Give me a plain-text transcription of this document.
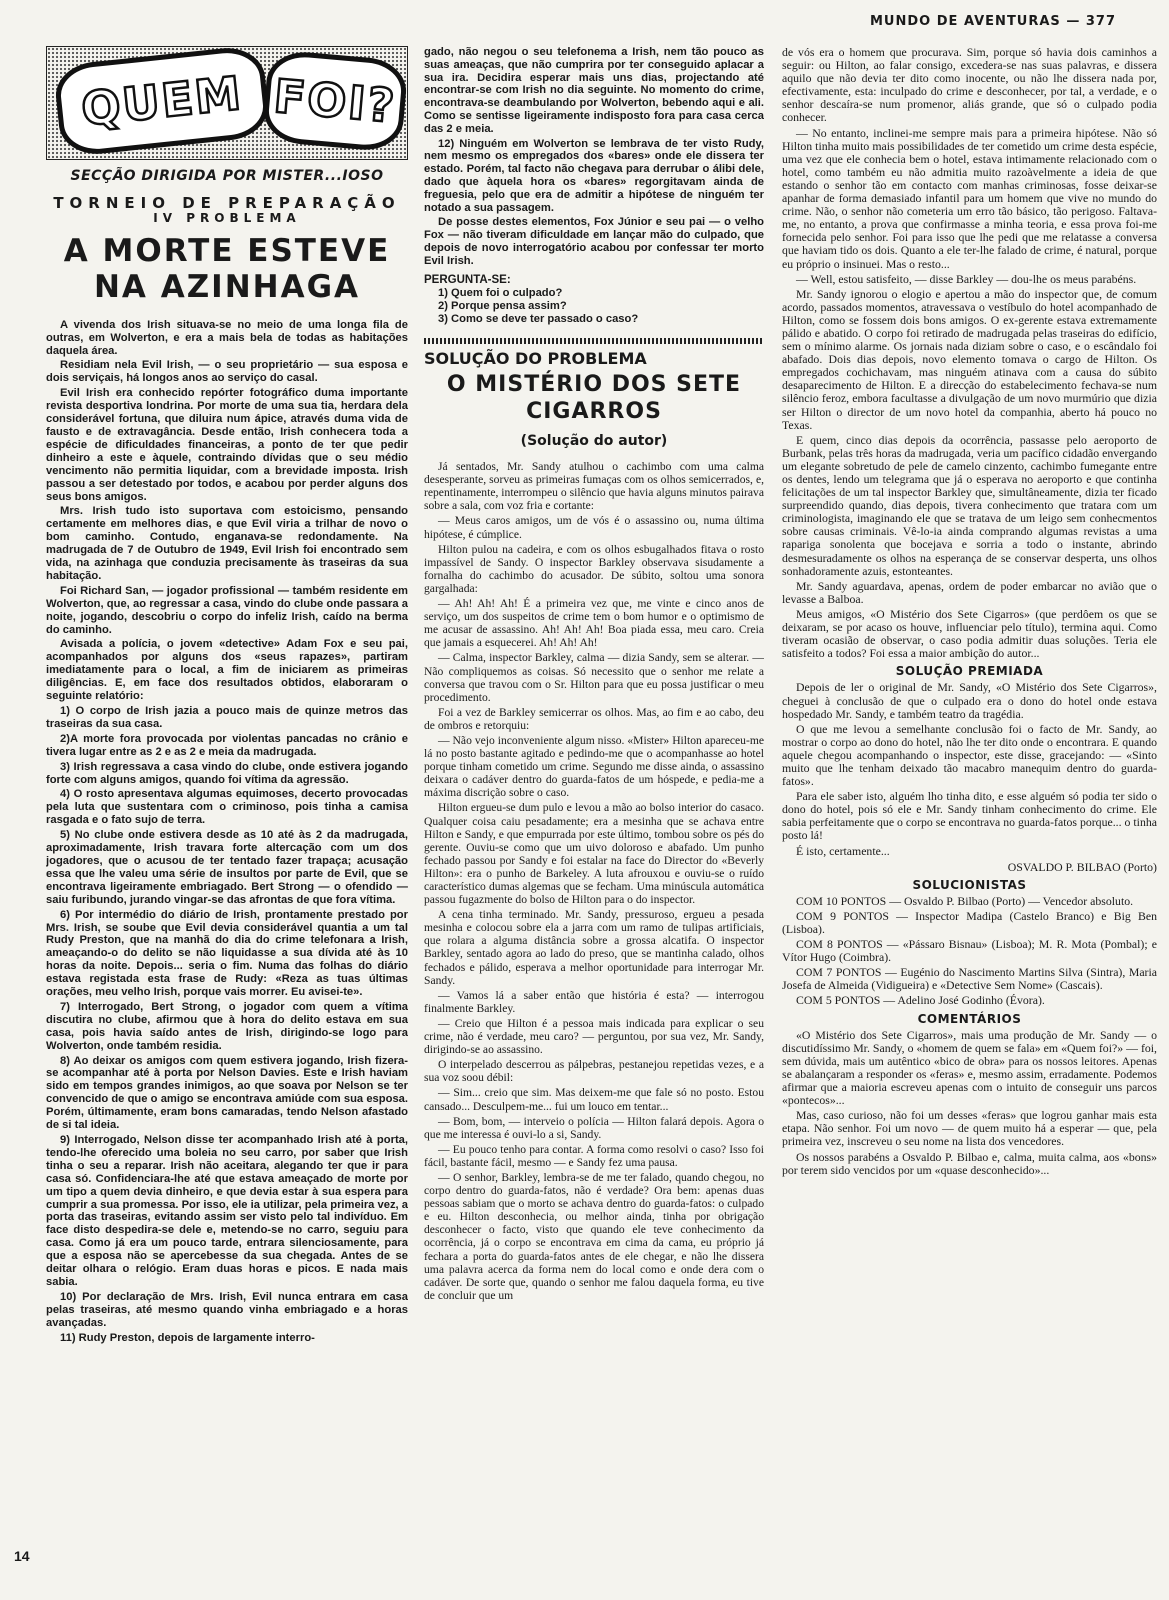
MUNDO DE AVENTURAS — 377
QUEM FOI?
SECÇÃO DIRIGIDA POR MISTER...IOSO
TORNEIO DE PREPARAÇÃO
IV PROBLEMA
A MORTE ESTEVE
NA AZINHAGA

A vivenda dos Irish situava-se no meio de uma longa fila de outras, em Wolverton, e era a mais bela de todas as habitações daquela área.

Residiam nela Evil Irish, — o seu proprietário — sua esposa e dois serviçais, há longos anos ao serviço do casal.

Evil Irish era conhecido repórter fotográfico duma importante revista desportiva londrina. Por morte de uma sua tia, herdara dela considerável fortuna, que diluira num ápice, através duma vida de fausto e de extravagância. Desde então, Irish conhecera toda a espécie de dificuldades financeiras, a ponto de ter que pedir dinheiro a este e àquele, contraindo dívidas que o seu médio vencimento não permitia liquidar, com a brevidade imposta. Irish passou a ser detestado por todos, e acabou por perder alguns dos seus bons amigos.

Mrs. Irish tudo isto suportava com estoicismo, pensando certamente em melhores dias, e que Evil viria a trilhar de novo o bom caminho. Contudo, enganava-se redondamente. Na madrugada de 7 de Outubro de 1949, Evil Irish foi encontrado sem vida, na azinhaga que conduzia precisamente às traseiras da sua habitação.

Foi Richard San, — jogador profissional — também residente em Wolverton, que, ao regressar a casa, vindo do clube onde passara a noite, jogando, descobriu o corpo do infeliz Irish, caído na berma do caminho.

Avisada a polícia, o jovem «detective» Adam Fox e seu pai, acompanhados por alguns dos «seus rapazes», partiram imediatamente para o local, a fim de iniciarem as primeiras diligências. E, em face dos resultados obtidos, elaboraram o seguinte relatório:

1) O corpo de Irish jazia a pouco mais de quinze metros das traseiras da sua casa.

2)A morte fora provocada por violentas pancadas no crânio e tivera lugar entre as 2 e as 2 e meia da madrugada.

3) Irish regressava a casa vindo do clube, onde estivera jogando forte com alguns amigos, quando foi vítima da agressão.

4) O rosto apresentava algumas equimoses, decerto provocadas pela luta que sustentara com o criminoso, pois tinha a camisa rasgada e o fato sujo de terra.

5) No clube onde estivera desde as 10 até às 2 da madrugada, aproximadamente, Irish travara forte altercação com um dos jogadores, que o acusou de ter tentado fazer trapaça; acusação essa que lhe valeu uma série de insultos por parte de Evil, que se encontrava ligeiramente embriagado. Bert Strong — o ofendido — saiu furibundo, jurando vingar-se das afrontas de que fora vítima.

6) Por intermédio do diário de Irish, prontamente prestado por Mrs. Irish, se soube que Evil devia considerável quantia a um tal Rudy Preston, que na manhã do dia do crime telefonara a Irish, ameaçando-o do delito se não liquidasse a sua dívida até às 10 horas da noite. Depois... seria o fim. Numa das folhas do diário estava registada esta frase de Rudy: «Reza as tuas últimas orações, meu velho Irish, porque vais morrer. Eu avisei-te».

7) Interrogado, Bert Strong, o jogador com quem a vítima discutira no clube, afirmou que à hora do delito estava em sua casa, pois havia saído antes de Irish, dirigindo-se logo para Wolverton, onde também residia.

8) Ao deixar os amigos com quem estivera jogando, Irish fizera-se acompanhar até à porta por Nelson Davies. Este e Irish haviam sido em tempos grandes inimigos, ao que soava por Nelson se ter convencido de que o amigo se encontrava amiúde com sua esposa. Porém, últimamente, eram bons camaradas, tendo Nelson afastado de si tal ideia.

9) Interrogado, Nelson disse ter acompanhado Irish até à porta, tendo-lhe oferecido uma boleia no seu carro, por saber que Irish tinha o seu a reparar. Irish não aceitara, alegando ter que ir para casa só. Confidenciara-lhe até que estava ameaçado de morte por um tipo a quem devia dinheiro, e que devia estar à sua espera para cumprir a sua promessa. Por isso, ele ia utilizar, pela primeira vez, a porta das traseiras, evitando assim ser visto pelo tal indivíduo. Em face disto despedira-se dele e, metendo-se no carro, seguiu para casa. Como já era um pouco tarde, entrara silenciosamente, para que a esposa não se apercebesse da sua chegada. Antes de se deitar olhara o relógio. Eram duas horas e picos. E nada mais sabia.

10) Por declaração de Mrs. Irish, Evil nunca entrara em casa pelas traseiras, até mesmo quando vinha embriagado e a horas avançadas.

11) Rudy Preston, depois de largamente interro-

14

gado, não negou o seu telefonema a Irish, nem tão pouco as suas ameaças, que não cumprira por ter conseguido aplacar a sua ira. Decidira esperar mais uns dias, projectando até encontrar-se com Irish no dia seguinte. No momento do crime, encontrava-se deambulando por Wolverton, bebendo aqui e ali. Como se sentisse ligeiramente indisposto fora para casa cerca das 2 e meia.

12) Ninguém em Wolverton se lembrava de ter visto Rudy, nem mesmo os empregados dos «bares» onde ele dissera ter estado. Porém, tal facto não chegava para derrubar o álibi dele, dado que àquela hora os «bares» regorgitavam ainda de freguesia, pelo que era de admitir a hipótese de ninguém ter notado a sua passagem.

De posse destes elementos, Fox Júnior e seu pai — o velho Fox — não tiveram dificuldade em lançar mão do culpado, que depois de novo interrogatório acabou por confessar ter morto Evil Irish.

PERGUNTA-SE:
1) Quem foi o culpado?
2) Porque pensa assim?
3) Como se deve ter passado o caso?
SOLUÇÃO DO PROBLEMA
O MISTÉRIO DOS SETE
CIGARROS
(Solução do autor)

Já sentados, Mr. Sandy atulhou o cachimbo com uma calma desesperante, sorveu as primeiras fumaças com os olhos semicerrados, e, repentinamente, interrompeu o silêncio que havia alguns minutos pairava sobre a sala, com voz fria e cortante:

— Meus caros amigos, um de vós é o assassino ou, numa última hipótese, é cúmplice.

Hilton pulou na cadeira, e com os olhos esbugalhados fitava o rosto impassível de Sandy. O inspector Barkley observava sisudamente a fornalha do cachimbo do acusador. De súbito, soltou uma sonora gargalhada:

— Ah! Ah! Ah! É a primeira vez que, me vinte e cinco anos de serviço, um dos suspeitos de crime tem o bom humor e o optimismo de me acusar de assassino. Ah! Ah! Ah! Boa piada essa, meu caro. Creia que jamais a esquecerei. Ah! Ah! Ah!

— Calma, inspector Barkley, calma — dizia Sandy, sem se alterar. — Não compliquemos as coisas. Só necessito que o senhor me relate a conversa que travou com o Sr. Hilton para que eu possa justificar o meu procedimento.

Foi a vez de Barkley semicerrar os olhos. Mas, ao fim e ao cabo, deu de ombros e retorquiu:

— Não vejo inconveniente algum nisso. «Mister» Hilton apareceu-me lá no posto bastante agitado e pedindo-me que o acompanhasse ao hotel porque tinham cometido um crime. Segundo me disse ainda, o assassino deixara o cadáver dentro do guarda-fatos de um hóspede, e pedia-me a máxima discrição sobre o caso.

Hilton ergueu-se dum pulo e levou a mão ao bolso interior do casaco. Qualquer coisa caiu pesadamente; era a mesinha que se achava entre Hilton e Sandy, e que empurrada por este último, tombou sobre os pés do gerente. Ouviu-se como que um uivo doloroso e abafado. Um punho fechado passou por Sandy e foi estalar na face do Director do «Beverly Hilton»: era o punho de Barkeley. A luta afrouxou e ouviu-se o ruído característico dumas algemas que se fecham. Uma minúscula automática passou fugazmente do bolso de Hilton para o do inspector.

A cena tinha terminado. Mr. Sandy, pressuroso, ergueu a pesada mesinha e colocou sobre ela a jarra com um ramo de tulipas artificiais, que rolara a alguma distância sobre a grossa alcatifa. O inspector Barkley, sentado agora ao lado do preso, que se mantinha calado, olhos fechados e pálido, esperava a melhor oportunidade para interrogar Mr. Sandy.

— Vamos lá a saber então que história é esta? — interrogou finalmente Barkley.

— Creio que Hilton é a pessoa mais indicada para explicar o seu crime, não é verdade, meu caro? — perguntou, por sua vez, Mr. Sandy, dirigindo-se ao assassino.

O interpelado descerrou as pálpebras, pestanejou repetidas vezes, e a sua voz soou débil:

— Sim... creio que sim. Mas deixem-me que fale só no posto. Estou cansado... Desculpem-me... fui um louco em tentar...

— Bom, bom, — interveio o polícia — Hilton falará depois. Agora o que me interessa é ouvi-lo a si, Sandy.

— Eu pouco tenho para contar. A forma como resolvi o caso? Isso foi fácil, bastante fácil, mesmo — e Sandy fez uma pausa.

— O senhor, Barkley, lembra-se de me ter falado, quando chegou, no corpo dentro do guarda-fatos, não é verdade? Ora bem: apenas duas pessoas sabiam que o morto se achava dentro do guarda-fatos: o culpado e eu. Hilton desconhecia, ou melhor ainda, tinha por obrigação desconhecer o facto, visto que quando ele teve conhecimento da ocorrência, já o corpo se encontrava em cima da cama, eu próprio já fechara a porta do guarda-fatos antes de ele chegar, e não lhe dissera uma palavra acerca da forma nem do local como e onde dera com o cadáver. De sorte que, quando o senhor me falou daquela forma, eu tive de concluir que um

de vós era o homem que procurava. Sim, porque só havia dois caminhos a seguir: ou Hilton, ao falar consigo, excedera-se nas suas palavras, e dissera aquilo que não devia ter dito como inocente, ou não lhe dissera nada por, efectivamente, esta: inculpado do crime e desconhecer, por tal, a verdade, e o senhor descaíra-se num promenor, aliás grande, que só o culpado podia conhecer.

— No entanto, inclinei-me sempre mais para a primeira hipótese. Não só Hilton tinha muito mais possibilidades de ter cometido um crime desta espécie, uma vez que ele conhecia bem o hotel, estava intimamente relacionado com o hotel, como também eu não admitia muito razoàvelmente a ideia de que estando o senhor tão em contacto com manhas criminosas, fosse deixar-se apanhar de forma demasiado infantil para um homem que vive no mundo do crime. Não, o senhor não cometeria um erro tão básico, tão perigoso. Faltava-me, no entanto, a prova que confirmasse a minha teoria, e essa prova foi-me fornecida pelo senhor. Foi para isso que lhe pedi que me relatasse a conversa que haviam tido os dois. Quanto a ele ter-lhe falado de crime, é natural, porque eu próprio o insinuei. Mas o resto...

— Well, estou satisfeito, — disse Barkley — dou-lhe os meus parabéns.

Mr. Sandy ignorou o elogio e apertou a mão do inspector que, de comum acordo, passados momentos, atravessava o vestíbulo do hotel acompanhado de Hilton, como se fossem dois bons amigos. O ex-gerente estava extremamente pálido e abatido. O corpo foi retirado de madrugada pelas traseiras do edifício, sem o mínimo alarme. Os jornais nada diziam sobre o caso, e o escândalo foi abafado. Dois dias depois, novo elemento tomava o cargo de Hilton. Os empregados cochichavam, mas ninguém atinava com a causa do súbito desaparecimento de Hilton. E a direcção do estabelecimento fechava-se num silêncio feroz, embora facultasse a divulgação de um novo murmúrio que dizia ser Hilton o director de um novo hotel da companhia, aberto há pouco no Texas.

E quem, cinco dias depois da ocorrência, passasse pelo aeroporto de Burbank, pelas três horas da madrugada, veria um pacífico cidadão envergando um elegante sobretudo de pele de camelo cinzento, cachimbo fumegante entre os dentes, lendo um telegrama que já o esperava no aeroporto e que continha felicitações de um tal inspector Barkley que, simultâneamente, dizia ter ficado surpreendido quando, dias depois, tivera conhecimento que tratara com um criminologista, imaginando ele que se tratava de um leigo sem conhecmentos sobre causas criminais. Vê-lo-ia ainda comprando algumas revistas a uma rapariga sonolenta que bocejava e sorria a todo o instante, abrindo desmesuradamente os olhos na esperança de se conservar desperta, uns olhos sonhadoramente azuis, estonteantes.

Mr. Sandy aguardava, apenas, ordem de poder embarcar no avião que o levasse a Balboa.

Meus amigos, «O Mistério dos Sete Cigarros» (que perdôem os que se deixaram, se por acaso os houve, influenciar pelo título), termina aqui. Como tiveram ocasião de observar, o caso podia admitir duas soluções. Teria ele satisfeito a todos? Foi essa a maior ambição do autor...

SOLUÇÃO PREMIADA

Depois de ler o original de Mr. Sandy, «O Mistério dos Sete Cigarros», cheguei à conclusão de que o culpado era o dono do hotel onde estava hospedado Mr. Sandy, e também teatro da tragédia.

O que me levou a semelhante conclusão foi o facto de Mr. Sandy, ao mostrar o corpo ao dono do hotel, não lhe ter dito onde o encontrara. E quando aquele chegou acompanhando o inspector, este disse, gracejando: — «Sinto muito que lhe tenham deixado tão macabro manequim dentro do guarda-fatos».

Para ele saber isto, alguém lho tinha dito, e esse alguém só podia ter sido o dono do hotel, pois só ele e Mr. Sandy tinham conhecimento do crime. Ele sabia perfeitamente que o corpo se encontrava no guarda-fatos porque... o tinha posto lá!

É isto, certamente...

OSVALDO P. BILBAO (Porto)
SOLUCIONISTAS

COM 10 PONTOS — Osvaldo P. Bilbao (Porto) — Vencedor absoluto.

COM 9 PONTOS — Inspector Madipa (Castelo Branco) e Big Ben (Lisboa).

COM 8 PONTOS — «Pássaro Bisnau» (Lisboa); M. R. Mota (Pombal); e Vítor Hugo (Coimbra).

COM 7 PONTOS — Eugénio do Nascimento Martins Silva (Sintra), Maria Josefa de Almeida (Vidigueira) e «Detective Sem Nome» (Cascais).

COM 5 PONTOS — Adelino José Godinho (Évora).

COMENTÁRIOS

«O Mistério dos Sete Cigarros», mais uma produção de Mr. Sandy — o discutidíssimo Mr. Sandy, o «homem de quem se fala» em «Quem foi?» — foi, sem dúvida, mais um autêntico «bico de obra» para os nossos leitores. Apenas se abalançaram a responder os «feras» e, mesmo assim, erradamente. Podemos afirmar que a maioria escreveu apenas com o intuito de conseguir uns parcos «pontecos»...

Mas, caso curioso, não foi um desses «feras» que logrou ganhar mais esta etapa. Não senhor. Foi um novo — de quem muito há a esperar — que, pela primeira vez, inscreveu o seu nome na lista dos vencedores.

Os nossos parabéns a Osvaldo P. Bilbao e, calma, muita calma, aos «bons» por terem sido vencidos por um «quase desconhecido»...
